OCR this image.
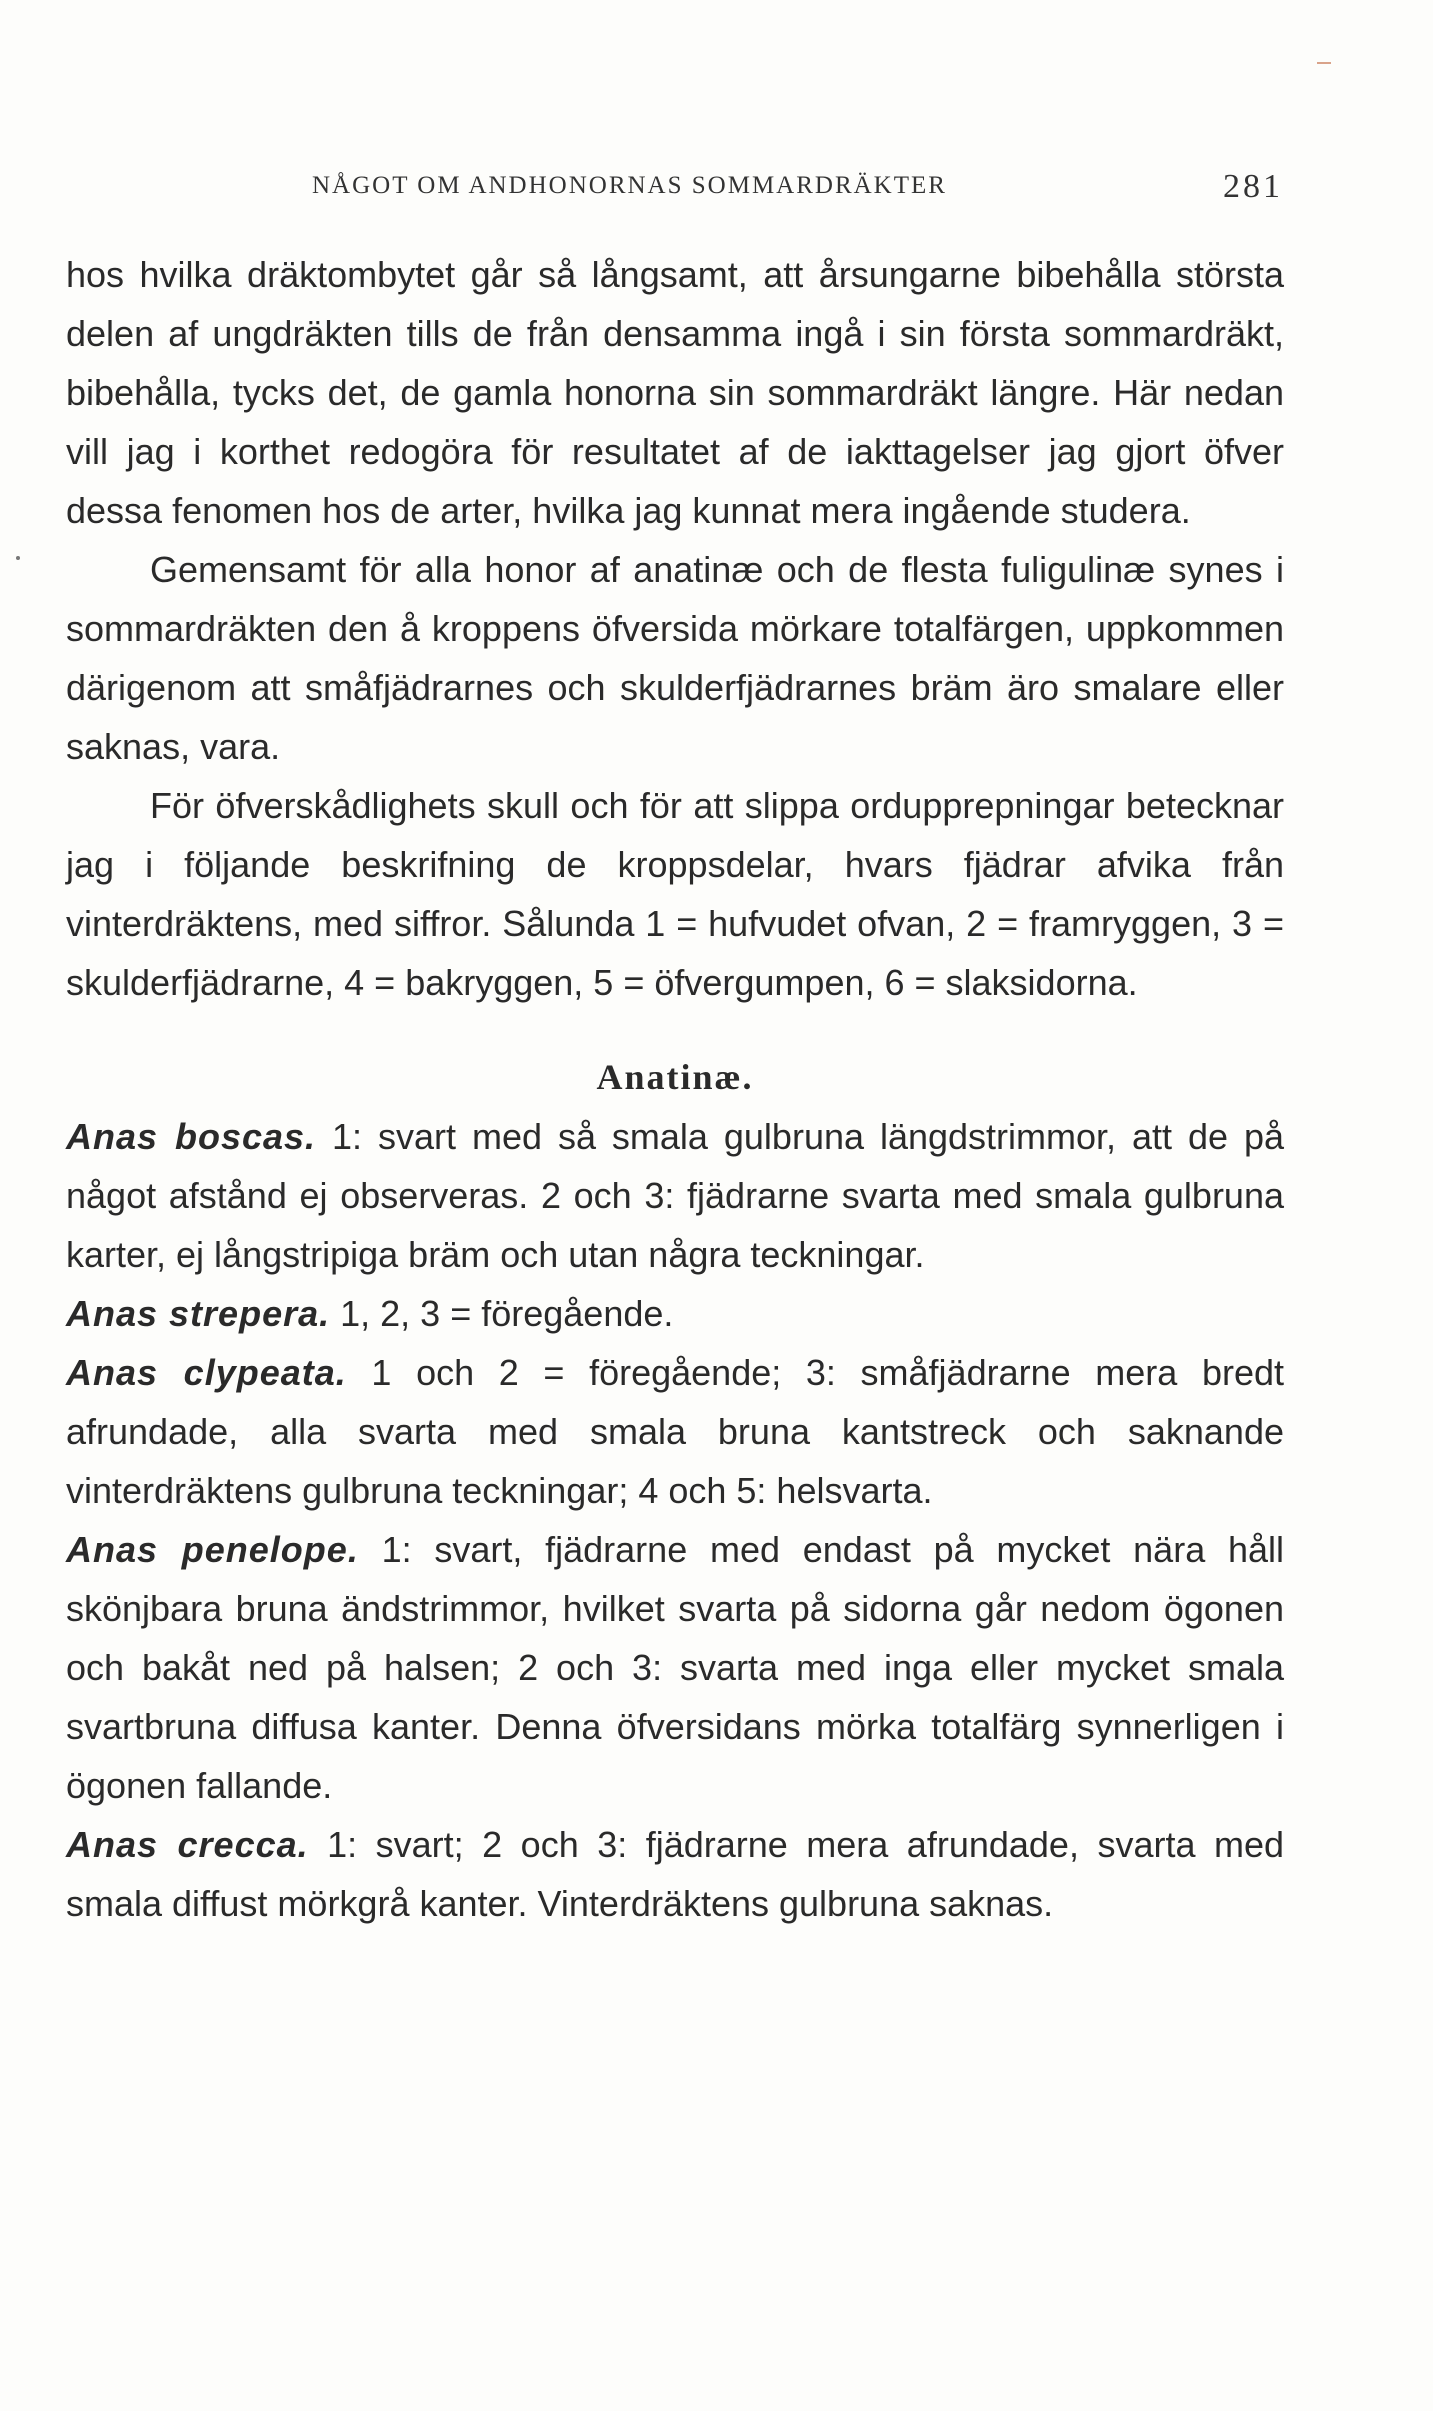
NÅGOT OM ANDHONORNAS SOMMARDRÄKTER	281

hos hvilka dräktombytet går så långsamt, att årsungarne bibehålla största delen af ungdräkten tills de från densamma ingå i sin första sommardräkt, bibehålla, tycks det, de gamla honorna sin sommardräkt längre. Här nedan vill jag i korthet redogöra för resultatet af de iakttagelser jag gjort öfver dessa fenomen hos de arter, hvilka jag kunnat mera ingående studera.

Gemensamt för alla honor af anatinæ och de flesta fuligulinæ synes i sommardräkten den å kroppens öfversida mörkare totalfärgen, uppkommen därigenom att småfjädrarnes och skulderfjädrarnes bräm äro smalare eller saknas, vara.

För öfverskådlighets skull och för att slippa ordupprepningar betecknar jag i följande beskrifning de kroppsdelar, hvars fjädrar afvika från vinterdräktens, med siffror. Sålunda 1 = hufvudet ofvan, 2 = framryggen, 3 = skulderfjädrarne, 4 = bakryggen, 5 = öfvergumpen, 6 = slaksidorna.

Anatinæ.

Anas boscas. 1: svart med så smala gulbruna längdstrimmor, att de på något afstånd ej observeras. 2 och 3: fjädrarne svarta med smala gulbruna karter, ej långstripiga bräm och utan några teckningar.

Anas strepera. 1, 2, 3 = föregående.

Anas clypeata. 1 och 2 = föregående; 3: småfjädrarne mera bredt afrundade, alla svarta med smala bruna kantstreck och saknande vinterdräktens gulbruna teckningar; 4 och 5: helsvarta.

Anas penelope. 1: svart, fjädrarne med endast på mycket nära håll skönjbara bruna ändstrimmor, hvilket svarta på sidorna går nedom ögonen och bakåt ned på halsen; 2 och 3: svarta med inga eller mycket smala svartbruna diffusa kanter. Denna öfversidans mörka totalfärg synnerligen i ögonen fallande.

Anas crecca. 1: svart; 2 och 3: fjädrarne mera afrundade, svarta med smala diffust mörkgrå kanter. Vinterdräktens gulbruna saknas.
